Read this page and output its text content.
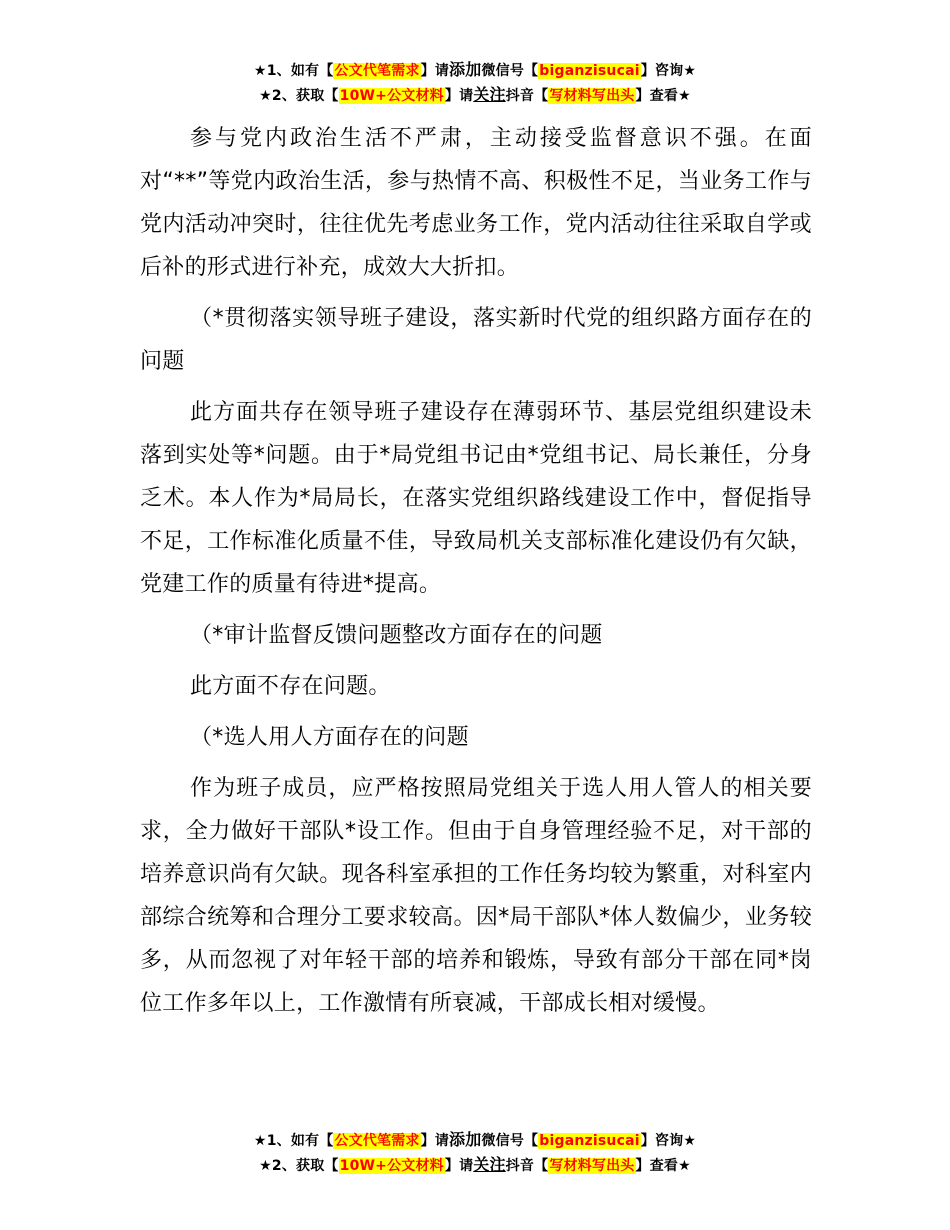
★1、如有【公文代笔需求】请添加微信号【biganzisucai】咨询★
★2、获取【10W+公文材料】请关注抖音【写材料写出头】查看★

参与党内政治生活不严肃，主动接受监督意识不强。在面对“**”等党内政治生活，参与热情不高、积极性不足，当业务工作与党内活动冲突时，往往优先考虑业务工作，党内活动往往采取自学或后补的形式进行补充，成效大大折扣。

（*贯彻落实领导班子建设，落实新时代党的组织路方面存在的问题

此方面共存在领导班子建设存在薄弱环节、基层党组织建设未落到实处等*问题。由于*局党组书记由*党组书记、局长兼任，分身乏术。本人作为*局局长，在落实党组织路线建设工作中，督促指导不足，工作标准化质量不佳，导致局机关支部标准化建设仍有欠缺，党建工作的质量有待进*提高。

（*审计监督反馈问题整改方面存在的问题

此方面不存在问题。

（*选人用人方面存在的问题

作为班子成员，应严格按照局党组关于选人用人管人的相关要求，全力做好干部队*设工作。但由于自身管理经验不足，对干部的培养意识尚有欠缺。现各科室承担的工作任务均较为繁重，对科室内部综合统筹和合理分工要求较高。因*局干部队*体人数偏少，业务较多，从而忽视了对年轻干部的培养和锻炼，导致有部分干部在同*岗位工作多年以上，工作激情有所衰减，干部成长相对缓慢。

★1、如有【公文代笔需求】请添加微信号【biganzisucai】咨询★
★2、获取【10W+公文材料】请关注抖音【写材料写出头】查看★
